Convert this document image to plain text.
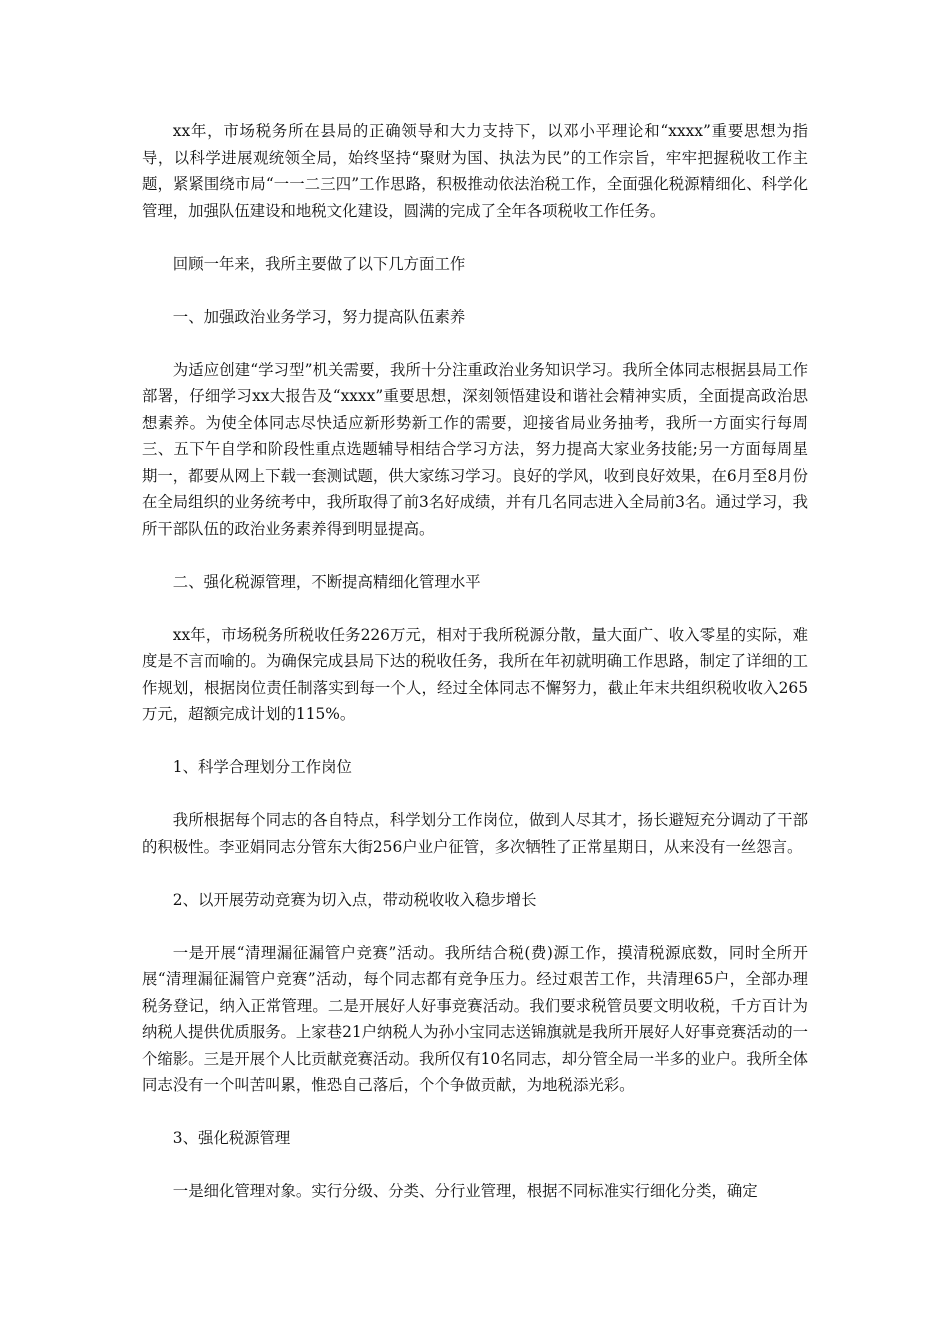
xx年，市场税务所在县局的正确领导和大力支持下，以邓小平理论和“xxxx”重要思想为指导，以科学进展观统领全局，始终坚持“聚财为国、执法为民”的工作宗旨，牢牢把握税收工作主题，紧紧围绕市局“一一二三四”工作思路，积极推动依法治税工作，全面强化税源精细化、科学化管理，加强队伍建设和地税文化建设，圆满的完成了全年各项税收工作任务。

回顾一年来，我所主要做了以下几方面工作

一、加强政治业务学习，努力提高队伍素养

为适应创建“学习型”机关需要，我所十分注重政治业务知识学习。我所全体同志根据县局工作部署，仔细学习xx大报告及“xxxx”重要思想，深刻领悟建设和谐社会精神实质，全面提高政治思想素养。为使全体同志尽快适应新形势新工作的需要，迎接省局业务抽考，我所一方面实行每周三、五下午自学和阶段性重点选题辅导相结合学习方法，努力提高大家业务技能;另一方面每周星期一，都要从网上下载一套测试题，供大家练习学习。良好的学风，收到良好效果，在6月至8月份在全局组织的业务统考中，我所取得了前3名好成绩，并有几名同志进入全局前3名。通过学习，我所干部队伍的政治业务素养得到明显提高。

二、强化税源管理，不断提高精细化管理水平

xx年，市场税务所税收任务226万元，相对于我所税源分散，量大面广、收入零星的实际，难度是不言而喻的。为确保完成县局下达的税收任务，我所在年初就明确工作思路，制定了详细的工作规划，根据岗位责任制落实到每一个人，经过全体同志不懈努力，截止年末共组织税收收入265万元，超额完成计划的115%。

1、科学合理划分工作岗位

我所根据每个同志的各自特点，科学划分工作岗位，做到人尽其才，扬长避短充分调动了干部的积极性。李亚娟同志分管东大街256户业户征管，多次牺牲了正常星期日，从来没有一丝怨言。

2、以开展劳动竞赛为切入点，带动税收收入稳步增长

一是开展“清理漏征漏管户竞赛”活动。我所结合税(费)源工作，摸清税源底数，同时全所开展“清理漏征漏管户竞赛”活动，每个同志都有竞争压力。经过艰苦工作，共清理65户，全部办理税务登记，纳入正常管理。二是开展好人好事竞赛活动。我们要求税管员要文明收税，千方百计为纳税人提供优质服务。上家巷21户纳税人为孙小宝同志送锦旗就是我所开展好人好事竞赛活动的一个缩影。三是开展个人比贡献竞赛活动。我所仅有10名同志，却分管全局一半多的业户。我所全体同志没有一个叫苦叫累，惟恐自己落后，个个争做贡献，为地税添光彩。

3、强化税源管理

一是细化管理对象。实行分级、分类、分行业管理，根据不同标准实行细化分类，确定
